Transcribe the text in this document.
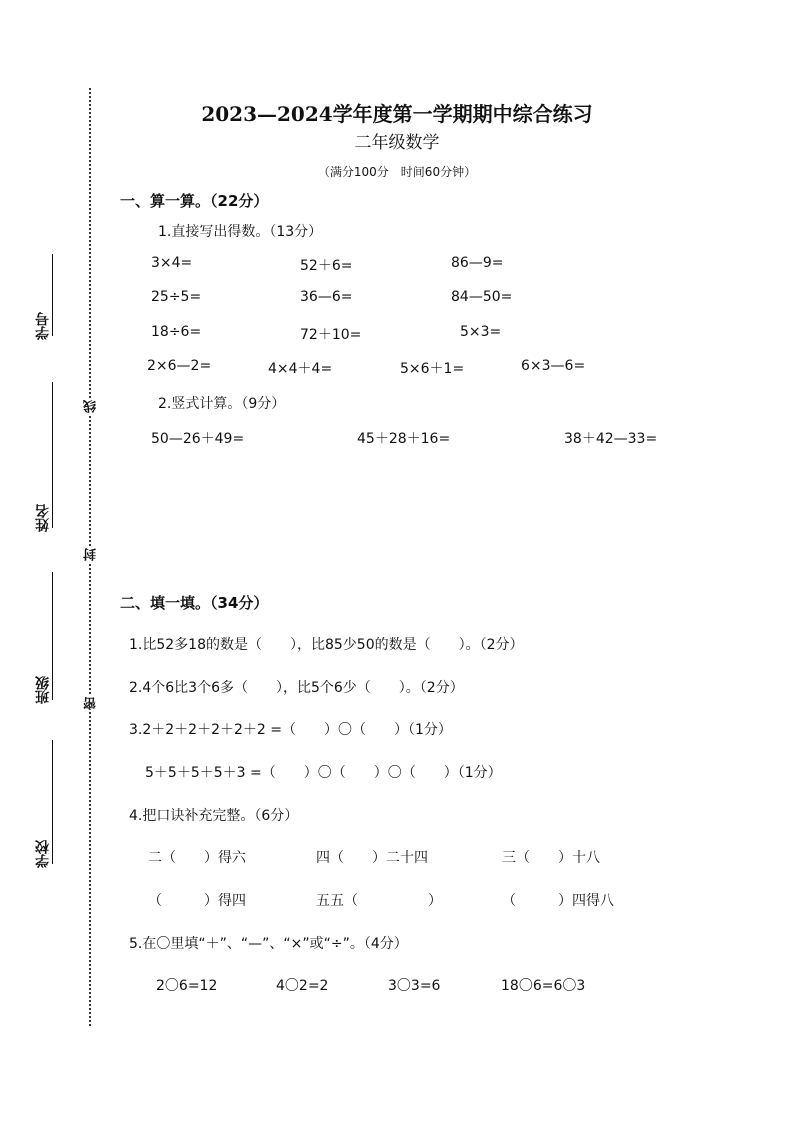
学号
姓名
班级
学校
线
封
密
2023—2024学年度第一学期期中综合练习
二年级数学
（满分100分　时间60分钟）
一、算一算。（22分）
1.直接写出得数。（13分）
3×4=	52＋6=	86—9=
25÷5=	36—6=	84—50=
18÷6=	72＋10=	5×3=
2×6—2=	4×4＋4=	5×6＋1=	6×3—6=
2.竖式计算。（9分）
50—26＋49=	45＋28＋16=	38＋42—33=
二、填一填。（34分）
1.比52多18的数是（　　），比85少50的数是（　　）。（2分）
2.4个6比3个6多（　　），比5个6少（　　）。（2分）
3.2＋2＋2＋2＋2＋2 =（　　）〇（　　）（1分）
5＋5＋5＋5＋3 =（　　）〇（　　）〇（　　）（1分）
4.把口诀补充完整。（6分）
二（　　）得六	四（　　）二十四	三（　　）十八
（　　　）得四	五五（　　　　　）	（　　　）四得八
5.在〇里填“＋”、“—”、“×”或“÷”。（4分）
2〇6=12	4〇2=2	3〇3=6	18〇6=6〇3
